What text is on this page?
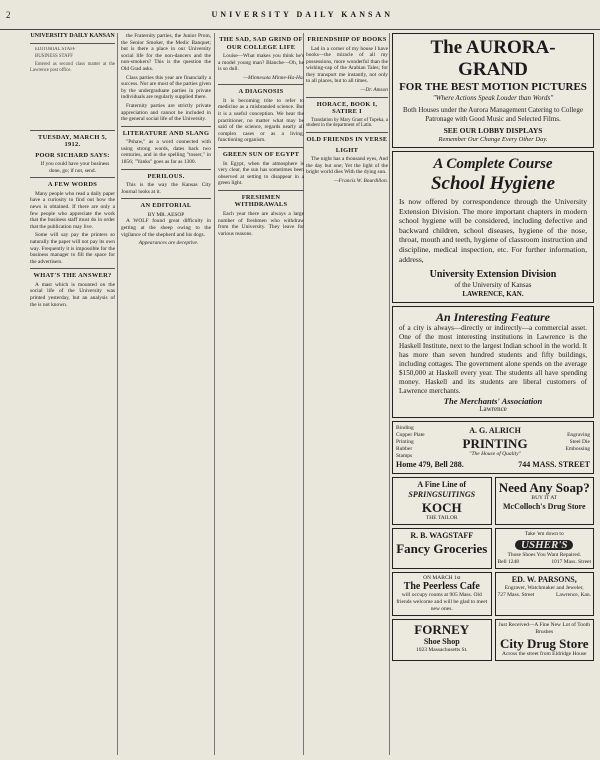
2	UNIVERSITY DAILY KANSAN
UNIVERSITY DAILY KANSAN

EDITORIAL STAFF

BUSINESS STAFF

Entered as second class matter at the Lawrence post office.

TUESDAY, MARCH 5, 1912.
POOR SICHARD SAYS:

If you could have your business done, go; if not, send.

A FEW WORDS

Many people who read a daily paper have a curiosity to find out how the news is obtained. If there are only a few people who appreciate the work that the business staff must do in order that the publication may live.

Some will say pay the printers so naturally the paper will not pay its own way. Frequently it is impossible for the business manager to fill the space for the advertisers.

WHAT'S THE ANSWER?

A mast which is mounted on the social life of the University was printed yesterday, but an analysis of the is not known.

the Fraternity parties, the Junior Prom, the Senior Smoker, the Medic Banquet; but is there a place in our University social life for the non-dancers and the non-smokers? This is the question the Old Grad asks.

Class parties this year are financially a success. Nor are most of the parties given by the undergraduate parties in private individuals are regularly supplied there.

Fraternity parties are strictly private appreciation and cannot be included in the general social life of the University.

LITERATURE AND SLANG

"Pshaw," as a word connected with using strong words, dates back two centuries, and in the spelling "tosser," in 1856; "Yanks" goes as far as 1300.

PERILOUS.

This is the way the Kansas City Journal looks at it.

AN EDITORIAL
BY MR. AESOP

A WOLF found great difficulty in getting at the sheep owing to the vigilance of the shepherd and his dogs.

Appearances are deceptive.

THE SAD, SAD GRIND OF OUR COLLEGE LIFE

Louise—What makes you think he's a model young man? Blanche—Oh, he is so dull.

—Minnesota Minne-Ha-Ha.

A DIAGNOSIS

It is becoming trite to refer to medicine as a misbranded science. But it is a useful conception. We hear the practitioner, no matter what may be said of the science, regards nearly all complex cases or as a living, functioning organism.

GREEN SUN OF EGYPT

In Egypt, when the atmosphere is very clear, the sun has sometimes been observed at setting to disappear in a green light.

FRESHMEN WITHDRAWALS

Each year there are always a large number of freshmen who withdraw from the University. They leave for various reasons.

FRIENDSHIP OF BOOKS

Lad in a corner of my house I have books—the miracle of all my possessions, more wonderful than the wishing-cap of the Arabian Tales; for they transport me instantly, not only to all places, but to all times.

—Dr. Amson

HORACE, BOOK I, SATIRE I

Translation by Mary Grant of Topeka, a student in the department of Latin.

OLD FRIENDS IN VERSE
LIGHT

The night has a thousand eyes, And the day but one; Yet the light of the bright world dies With the dying sun.

—Francis W. Bourdillon.

The AURORA-GRAND
FOR THE BEST MOTION PICTURES
"Where Actions Speak Louder than Words"
Both Houses under the Aurora Management Catering to College Patronage with Good Music and Selected Films.
SEE OUR LOBBY DISPLAYS
Remember Our Change Every Other Day.
A Complete Course
School Hygiene
Is now offered by correspondence through the University Extension Division. The more important chapters in modern school hygiene will be considered, including defective and backward children, school diseases, hygiene of the nose, throat, mouth and teeth, hygiene of classroom instruction and discipline, medical inspection, etc. For further information, address,
University Extension Division
of the University of Kansas
LAWRENCE, KAN.
An Interesting Feature
of a city is always—directly or indirectly—a commercial asset. One of the most interesting institutions in Lawrence is the Haskell Institute, next to the largest Indian school in the world. It has more than seven hundred students and fifty buildings, including cottages. The government alone spends on the average $150,000 at Haskell every year. The students all have spending money. Haskell and its students are liberal customers of Lawrence merchants.
The Merchants' Association
Lawrence
Binding
Copper Plate
Printing
Rubber
Stamps
A. G. ALRICH
PRINTING
"The House of Quality"
Engraving
Steel Die
Embossing
Home 479, Bell 288.	744 MASS. STREET
A Fine Line of
SPRINGSUITINGS
KOCH
THE TAILOR
Need Any Soap?
BUY IT AT
McColloch's Drug Store
R. B. WAGSTAFF
Fancy Groceries
Take 'em down to
USHER'S
Those Shoes You Want Repaired.
Bell 1248	1017 Mass. Street
ON MARCH 1st
The Peerless Cafe
will occupy rooms at 905 Mass. Old friends welcome and will be glad to meet new ones.
ED. W. PARSONS,
Engraver, Watchmaker and Jeweler,
727 Mass. Street	Lawrence, Kan.
FORNEY
Shoe Shop
1023 Massachusetts St.
Just Received—A Fine New Lot of Tooth Brushes
City Drug Store
Across the street from Eldridge House
